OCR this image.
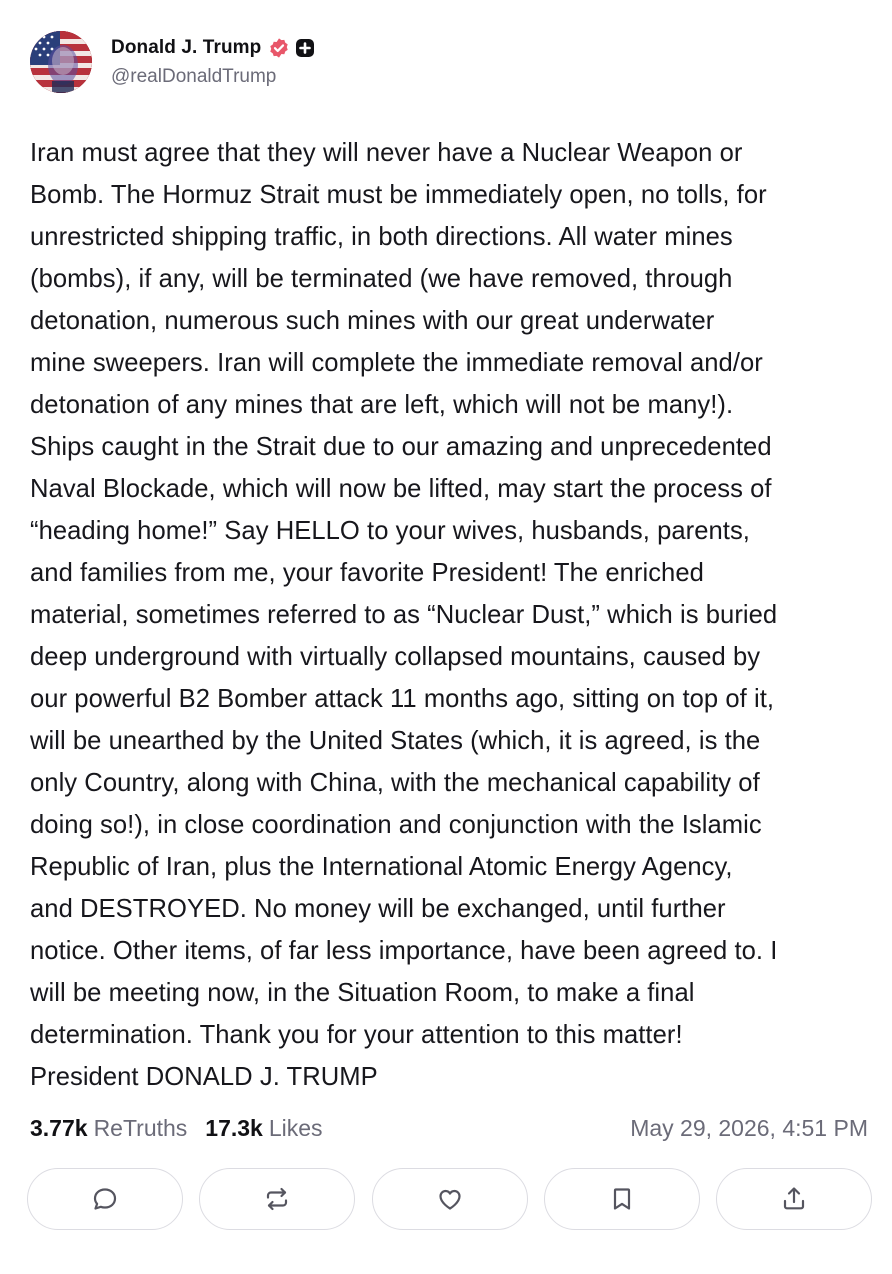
Donald J. Trump
@realDonaldTrump
Iran must agree that they will never have a Nuclear Weapon or
Bomb. The Hormuz Strait must be immediately open, no tolls, for
unrestricted shipping traffic, in both directions. All water mines
(bombs), if any, will be terminated (we have removed, through
detonation, numerous such mines with our great underwater
mine sweepers. Iran will complete the immediate removal and/or
detonation of any mines that are left, which will not be many!).
Ships caught in the Strait due to our amazing and unprecedented
Naval Blockade, which will now be lifted, may start the process of
“heading home!” Say HELLO to your wives, husbands, parents,
and families from me, your favorite President! The enriched
material, sometimes referred to as “Nuclear Dust,” which is buried
deep underground with virtually collapsed mountains, caused by
our powerful B2 Bomber attack 11 months ago, sitting on top of it,
will be unearthed by the United States (which, it is agreed, is the
only Country, along with China, with the mechanical capability of
doing so!), in close coordination and conjunction with the Islamic
Republic of Iran, plus the International Atomic Energy Agency,
and DESTROYED. No money will be exchanged, until further
notice. Other items, of far less importance, have been agreed to. I
will be meeting now, in the Situation Room, to make a final
determination. Thank you for your attention to this matter!
President DONALD J. TRUMP
3.77k ReTruths 17.3k Likes	May 29, 2026, 4:51 PM
